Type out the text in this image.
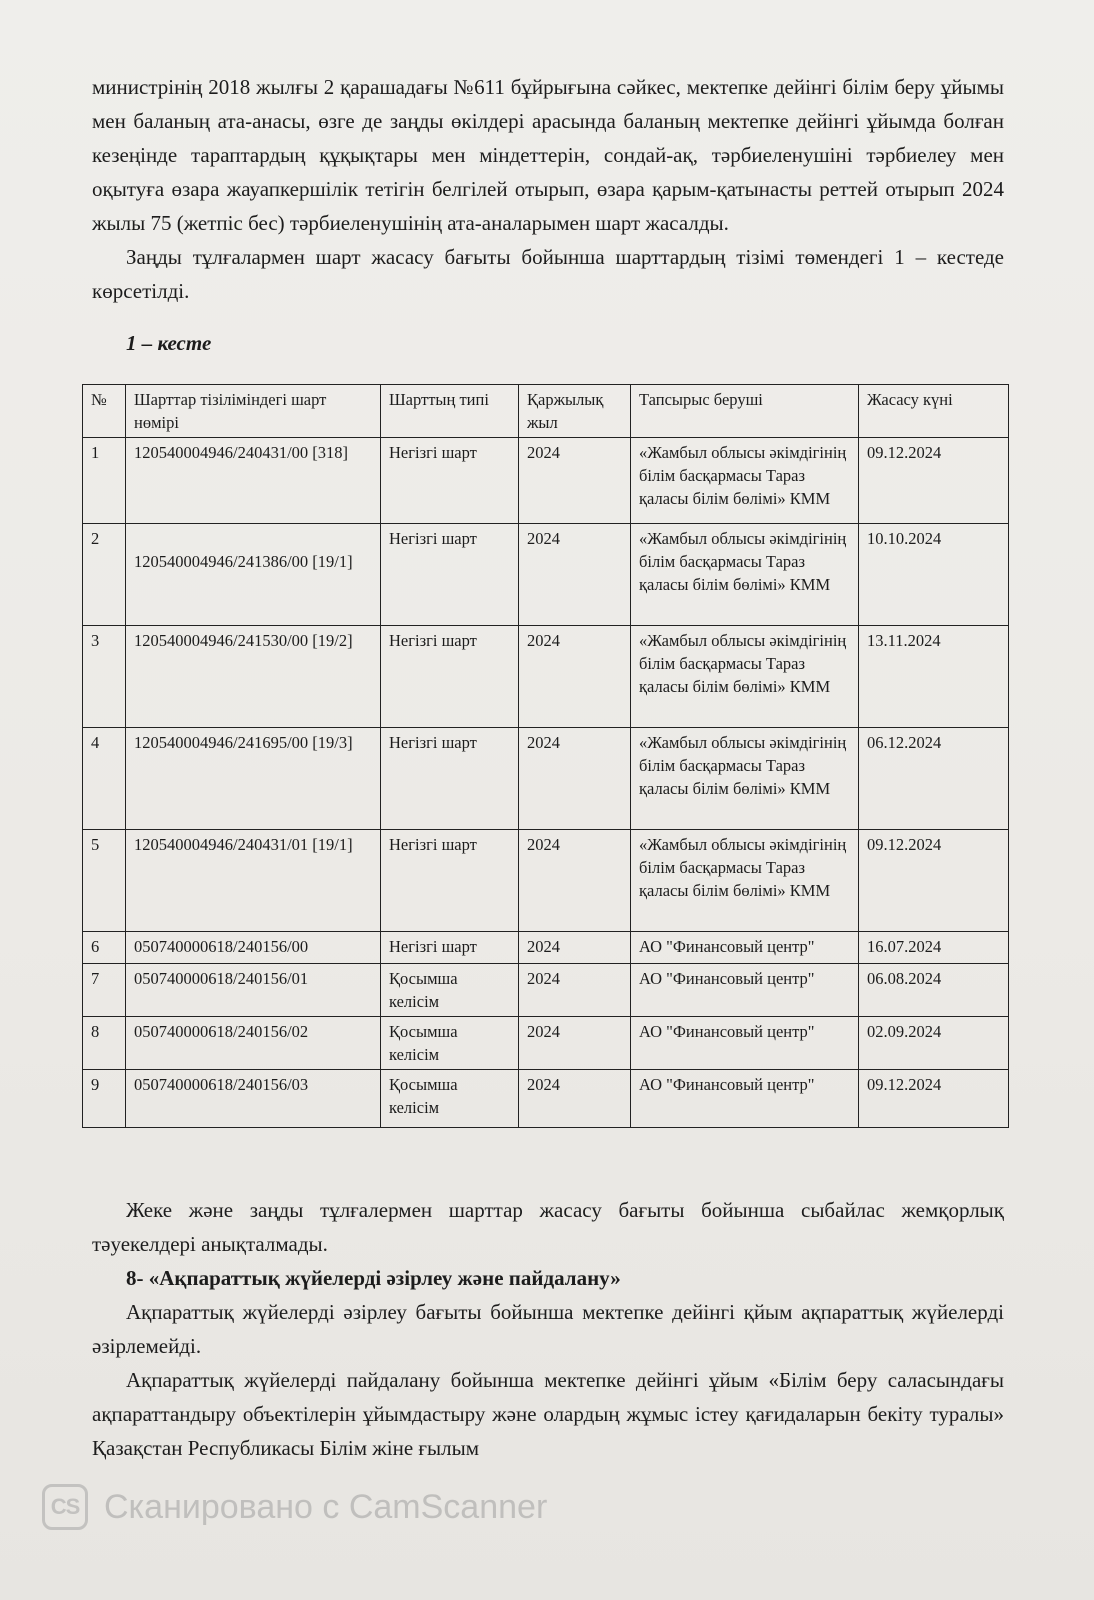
министрінің 2018 жылғы 2 қарашадағы №611 бұйрығына сәйкес, мектепке дейінгі білім беру ұйымы мен баланың ата-анасы, өзге де заңды өкілдері арасында баланың мектепке дейінгі ұйымда болған кезеңінде тараптардың құқықтары мен міндеттерін, сондай-ақ, тәрбиеленушіні тәрбиелеу мен оқытуға өзара жауапкершілік тетігін белгілей отырып, өзара қарым-қатынасты реттей отырып 2024 жылы 75 (жетпіс бес) тәрбиеленушінің ата-аналарымен шарт жасалды.

Заңды тұлғалармен шарт жасасу бағыты бойынша шарттардың тізімі төмендегі 1 – кестеде көрсетілді.

1 – кесте

№	Шарттар тізіліміндегі шарт нөмірі	Шарттың типі	Қаржылық жыл	Тапсырыс беруші	Жасасу күні
1	120540004946/240431/00 [318]	Негізгі шарт	2024	«Жамбыл облысы әкімдігінің білім басқармасы Тараз қаласы білім бөлімі» КММ	09.12.2024
2	120540004946/241386/00 [19/1]	Негізгі шарт	2024	«Жамбыл облысы әкімдігінің білім басқармасы Тараз қаласы білім бөлімі» КММ	10.10.2024
3	120540004946/241530/00 [19/2]	Негізгі шарт	2024	«Жамбыл облысы әкімдігінің білім басқармасы Тараз қаласы білім бөлімі» КММ	13.11.2024
4	120540004946/241695/00 [19/3]	Негізгі шарт	2024	«Жамбыл облысы әкімдігінің білім басқармасы Тараз қаласы білім бөлімі» КММ	06.12.2024
5	120540004946/240431/01 [19/1]	Негізгі шарт	2024	«Жамбыл облысы әкімдігінің білім басқармасы Тараз қаласы білім бөлімі» КММ	09.12.2024
6	050740000618/240156/00	Негізгі шарт	2024	АО "Финансовый центр"	16.07.2024
7	050740000618/240156/01	Қосымша келісім	2024	АО "Финансовый центр"	06.08.2024
8	050740000618/240156/02	Қосымша келісім	2024	АО "Финансовый центр"	02.09.2024
9	050740000618/240156/03	Қосымша келісім	2024	АО "Финансовый центр"	09.12.2024

Жеке және заңды тұлғалермен шарттар жасасу бағыты бойынша сыбайлас жемқорлық тәуекелдері анықталмады.

8- «Ақпараттық жүйелерді әзірлеу және пайдалану»

Ақпараттық жүйелерді әзірлеу бағыты бойынша мектепке дейінгі қйым ақпараттық жүйелерді әзірлемейді.

Ақпараттық жүйелерді пайдалану бойынша мектепке дейінгі ұйым «Білім беру саласындағы ақпараттандыру объектілерін ұйымдастыру және олардың жұмыс істеу қағидаларын бекіту туралы» Қазақстан Республикасы Білім жіне ғылым

CS Сканировано с CamScanner
